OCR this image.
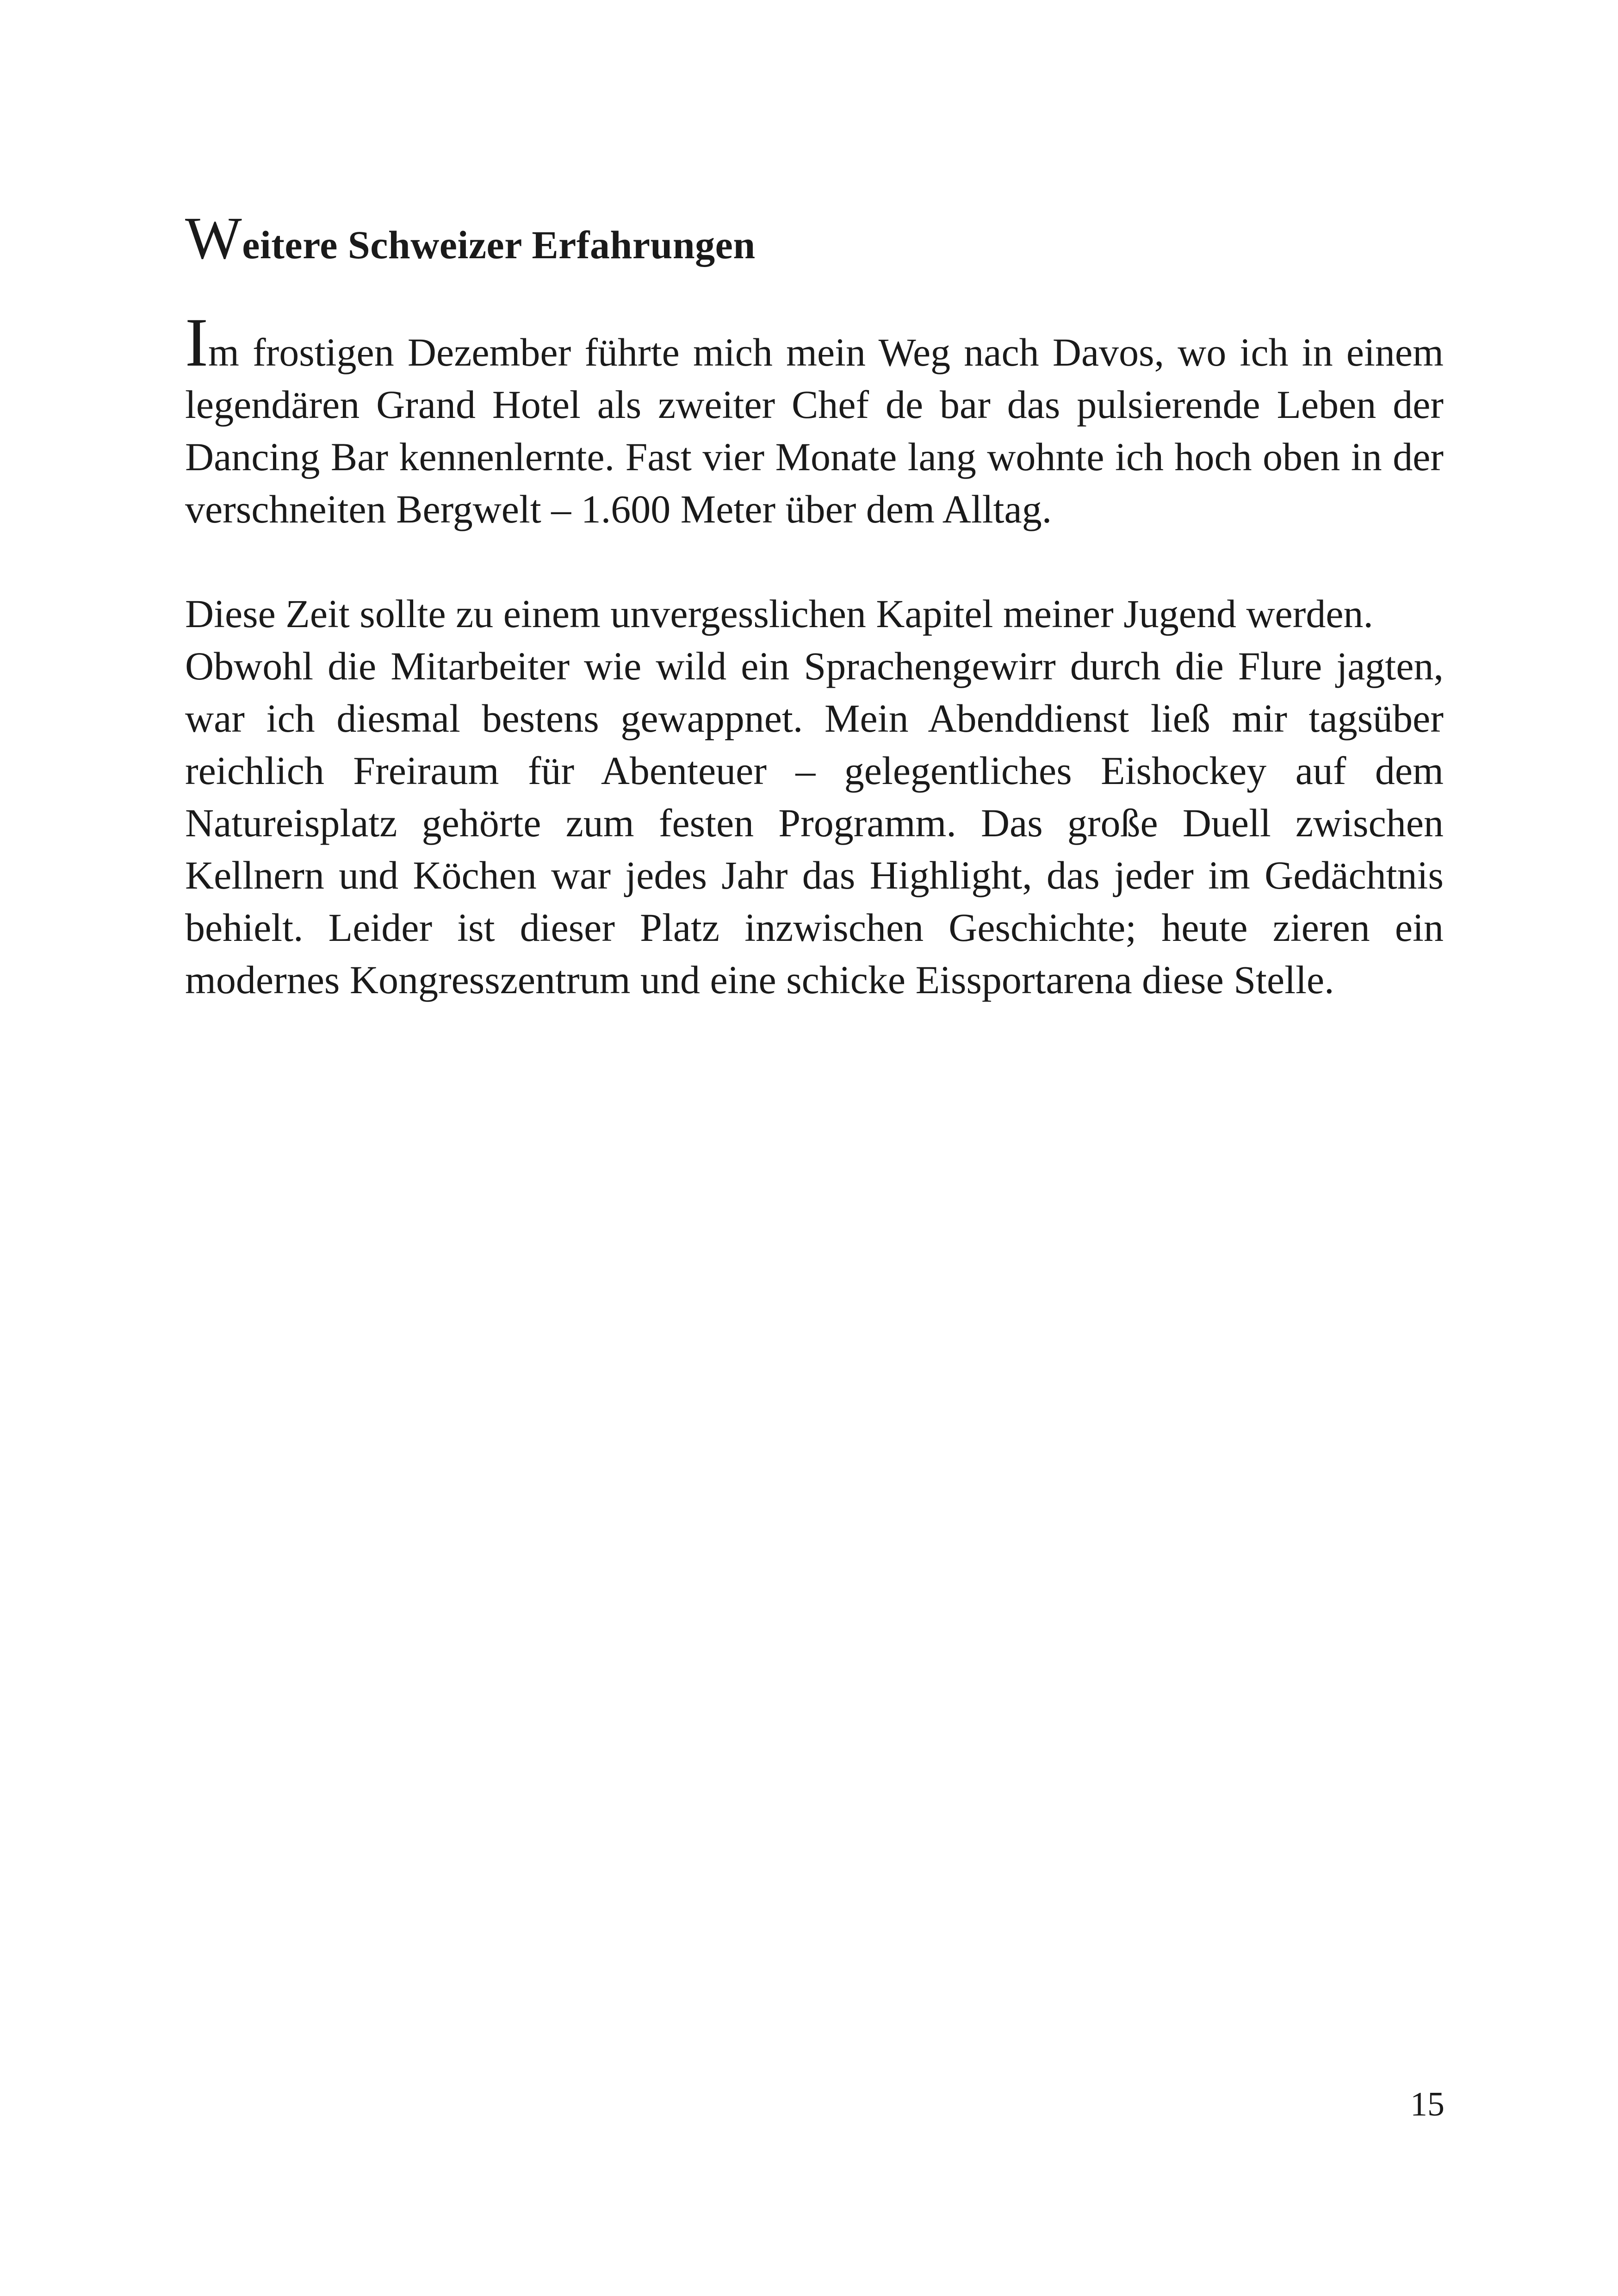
Weitere Schweizer Erfahrungen

Im frostigen Dezember führte mich mein Weg nach Davos, wo ich in einem legendären Grand Hotel als zweiter Chef de bar das pulsierende Leben der Dancing Bar kennenlernte. Fast vier Monate lang wohnte ich hoch oben in der verschneiten Bergwelt – 1.600 Meter über dem Alltag.

Diese Zeit sollte zu einem unvergesslichen Kapitel meiner Jugend werden.

Obwohl die Mitarbeiter wie wild ein Sprachengewirr durch die Flure jagten, war ich diesmal bestens gewappnet. Mein Abenddienst ließ mir tagsüber reichlich Freiraum für Abenteuer – gelegentliches Eishockey auf dem Natureisplatz gehörte zum festen Programm. Das große Duell zwischen Kellnern und Köchen war jedes Jahr das Highlight, das jeder im Gedächtnis behielt. Leider ist dieser Platz inzwischen Geschichte; heute zieren ein modernes Kongresszentrum und eine schicke Eissportarena diese Stelle.

15
